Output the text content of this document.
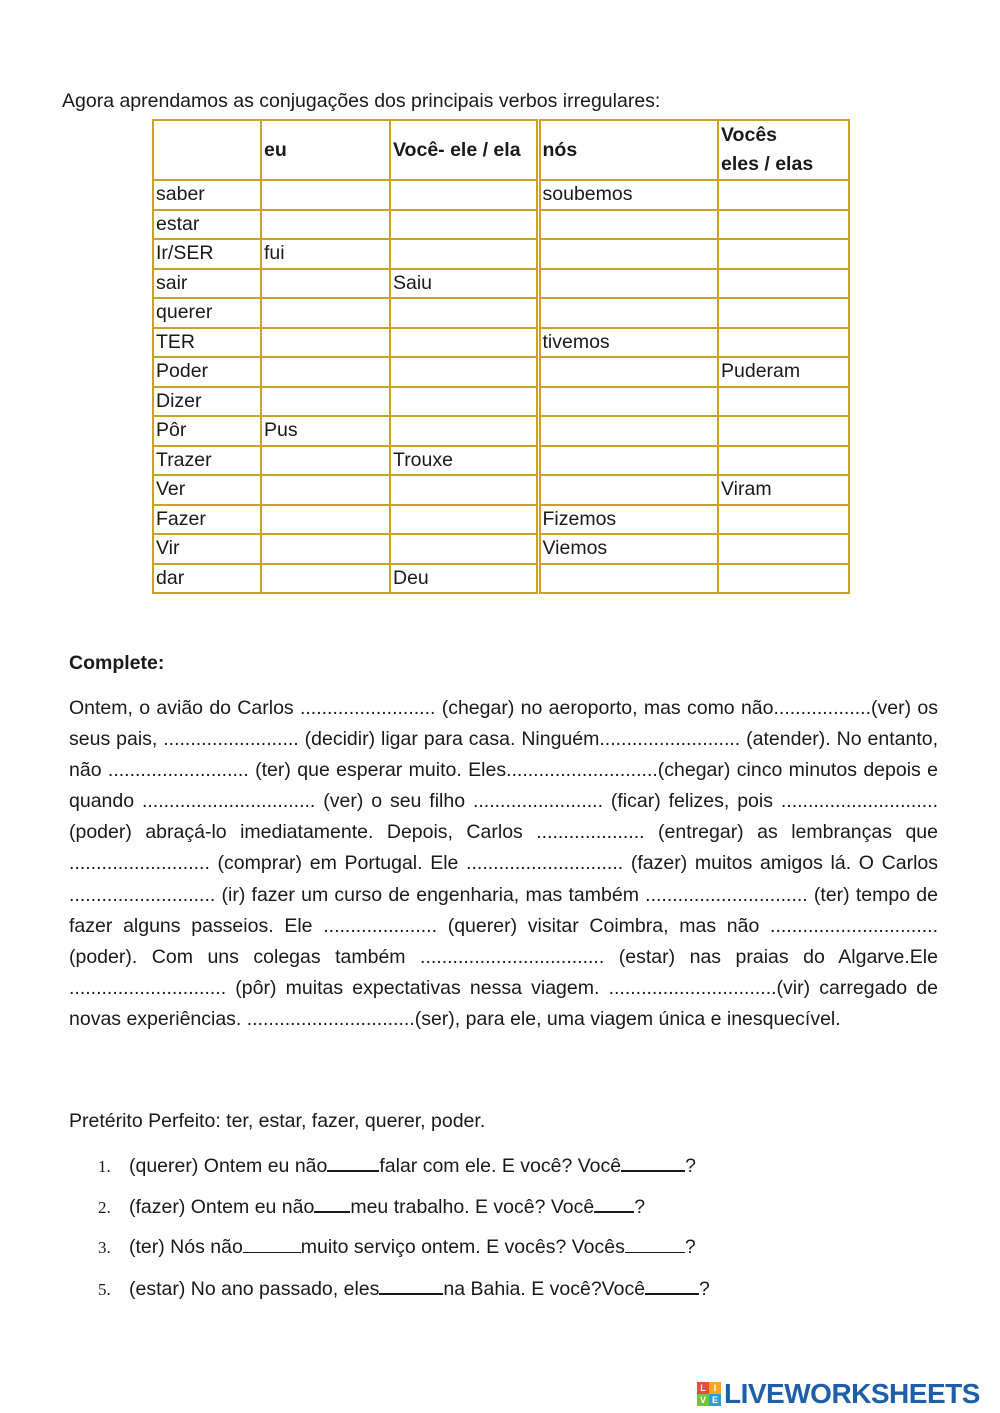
Agora aprendamos as conjugações dos principais verbos irregulares:
	eu	Você- ele / ela	nós	Vocês
eles / elas

saber			soubemos	
estar				
Ir/SER	fui			
sair		Saiu		
querer				
TER			tivemos	
Poder				Puderam
Dizer				
Pôr	Pus			
Trazer		Trouxe		
Ver				Viram
Fazer			Fizemos	
Vir			Viemos	
dar		Deu		
Complete:
Ontem, o avião do Carlos ......................... (chegar) no aeroporto, mas como não..................(ver) os seus pais, ......................... (decidir) ligar para casa. Ninguém.......................... (atender). No entanto, não .......................... (ter) que esperar muito. Eles............................(chegar) cinco minutos depois e quando ................................ (ver) o seu filho ........................ (ficar) felizes, pois .............................(poder) abraçá-lo imediatamente. Depois, Carlos .................... (entregar) as lembranças que .......................... (comprar) em Portugal. Ele ............................. (fazer) muitos amigos lá. O Carlos ........................... (ir) fazer um curso de engenharia, mas também .............................. (ter) tempo de fazer alguns passeios. Ele ..................... (querer) visitar Coimbra, mas não ............................... (poder). Com uns colegas também .................................. (estar) nas praias do Algarve.Ele ............................. (pôr) muitas expectativas nessa viagem. ...............................(vir) carregado de novas experiências. ...............................(ser), para ele, uma viagem única e inesquecível.
Pretérito Perfeito: ter, estar, fazer, querer, poder.
1. (querer) Ontem eu não	falar com ele. E você? Você	?
2. (fazer) Ontem eu não meu trabalho. E você? Você ?
3. (ter) Nós não	muito serviço ontem. E vocês? Vocês	?
5. (estar) No ano passado, eles	na Bahia. E você?Você	?
L I
V E LIVEWORKSHEETS
